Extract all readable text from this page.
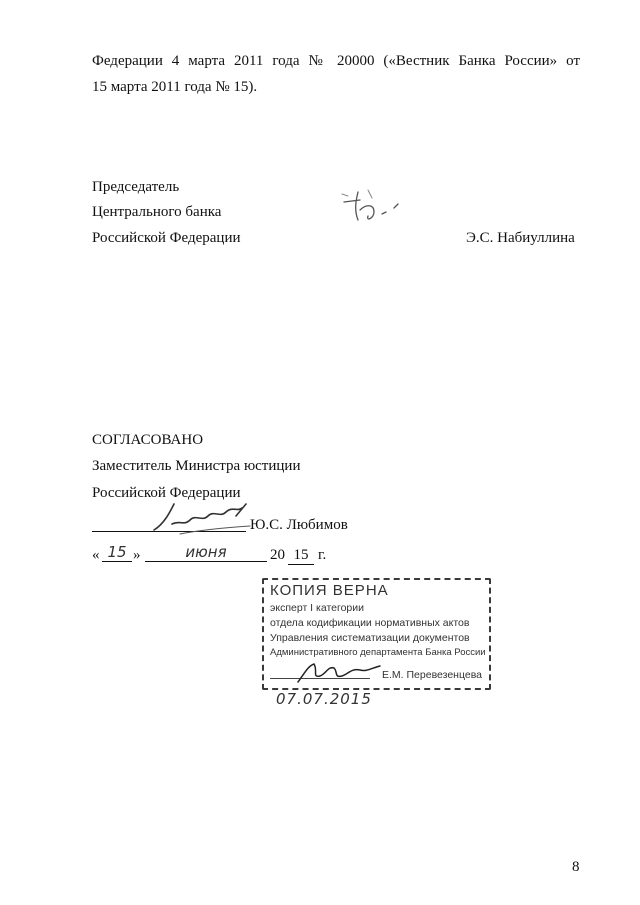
Федерации 4 марта 2011 года № 20000 («Вестник Банка России» от
15 марта 2011 года № 15).
Председатель
Центрального банка
Российской Федерации	Э.С. Набиуллина
СОГЛАСОВАНО
Заместитель Министра юстиции
Российской Федерации
Ю.С. Любимов
« 15 »	июня	20 15 г.
КОПИЯ ВЕРНА
эксперт I категории
отдела кодификации нормативных актов
Управления систематизации документов
Административного департамента Банка России
Е.М. Перевезенцева
07.07.2015
8
